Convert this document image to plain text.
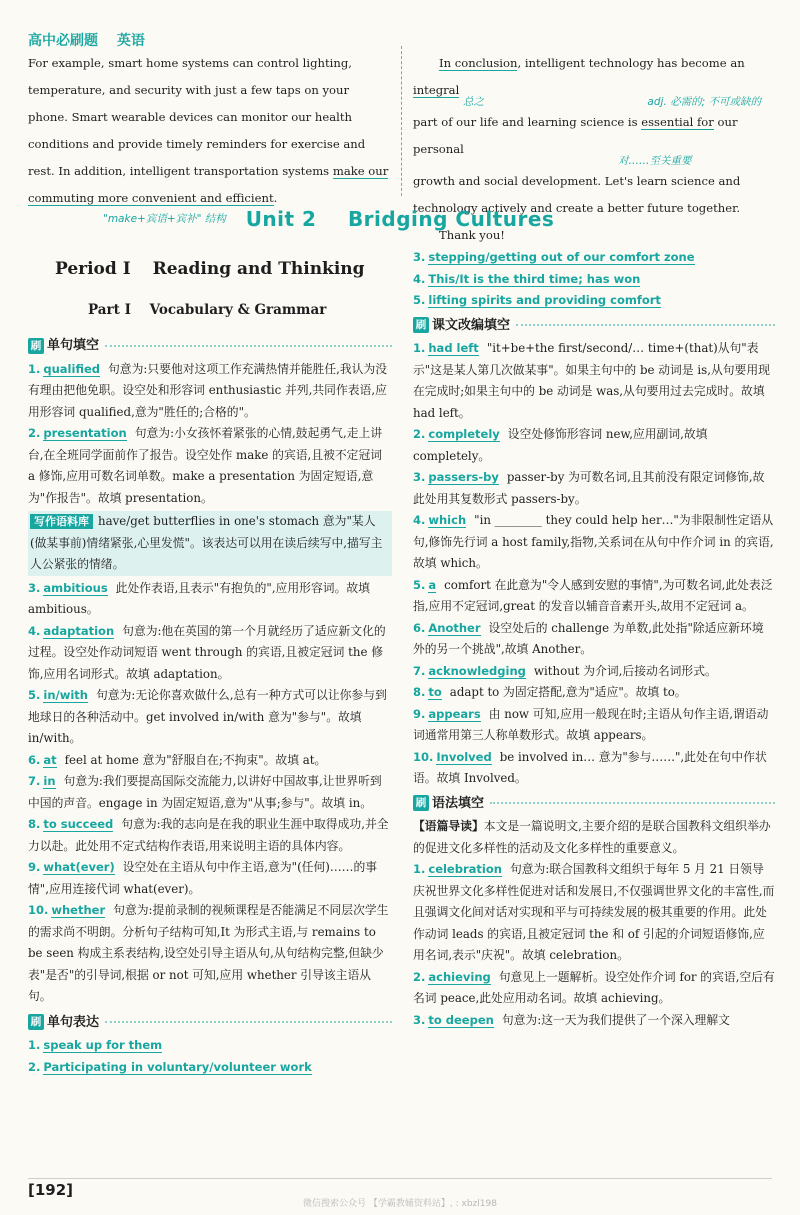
高中必刷题 英语

For example, smart home systems can control lighting, temperature, and security with just a few taps on your phone. Smart wearable devices can monitor our health conditions and provide timely reminders for exercise and rest. In addition, intelligent transportation systems make our commuting more convenient and efficient.

"make+宾语+宾补" 结构

In conclusion, intelligent technology has become an integral

总之	adj. 必需的; 不可或缺的

part of our life and learning science is essential for our personal

对……至关重要

growth and social development. Let's learn science and technology actively and create a better future together.

Thank you!

Unit 2 Bridging Cultures
Period Ⅰ Reading and Thinking
Part Ⅰ Vocabulary & Grammar
刷 单句填空

1. qualified 句意为:只要他对这项工作充满热情并能胜任,我认为没有理由把他免职。设空处和形容词 enthusiastic 并列,共同作表语,应用形容词 qualified,意为"胜任的;合格的"。

2. presentation 句意为:小女孩怀着紧张的心情,鼓起勇气,走上讲台,在全班同学面前作了报告。设空处作 make 的宾语,且被不定冠词 a 修饰,应用可数名词单数。make a presentation 为固定短语,意为"作报告"。故填 presentation。

写作语料库 have/get butterflies in one's stomach 意为"某人(做某事前)情绪紧张,心里发慌"。该表达可以用在读后续写中,描写主人公紧张的情绪。

3. ambitious 此处作表语,且表示"有抱负的",应用形容词。故填 ambitious。

4. adaptation 句意为:他在英国的第一个月就经历了适应新文化的过程。设空处作动词短语 went through 的宾语,且被定冠词 the 修饰,应用名词形式。故填 adaptation。

5. in/with 句意为:无论你喜欢做什么,总有一种方式可以让你参与到地球日的各种活动中。get involved in/with 意为"参与"。故填 in/with。

6. at feel at home 意为"舒服自在;不拘束"。故填 at。

7. in 句意为:我们要提高国际交流能力,以讲好中国故事,让世界听到中国的声音。engage in 为固定短语,意为"从事;参与"。故填 in。

8. to succeed 句意为:我的志向是在我的职业生涯中取得成功,并全力以赴。此处用不定式结构作表语,用来说明主语的具体内容。

9. what(ever) 设空处在主语从句中作主语,意为"(任何)……的事情",应用连接代词 what(ever)。

10. whether 句意为:提前录制的视频课程是否能满足不同层次学生的需求尚不明朗。分析句子结构可知,It 为形式主语,与 remains to be seen 构成主系表结构,设空处引导主语从句,从句结构完整,但缺少表"是否"的引导词,根据 or not 可知,应用 whether 引导该主语从句。

刷 单句表达

1. speak up for them

2. Participating in voluntary/volunteer work

3. stepping/getting out of our comfort zone

4. This/It is the third time; has won

5. lifting spirits and providing comfort

刷 课文改编填空

1. had left "it+be+the first/second/… time+(that)从句"表示"这是某人第几次做某事"。如果主句中的 be 动词是 is,从句要用现在完成时;如果主句中的 be 动词是 was,从句要用过去完成时。故填 had left。

2. completely 设空处修饰形容词 new,应用副词,故填 completely。

3. passers-by passer-by 为可数名词,且其前没有限定词修饰,故此处用其复数形式 passers-by。

4. which "in ________ they could help her…"为非限制性定语从句,修饰先行词 a host family,指物,关系词在从句中作介词 in 的宾语,故填 which。

5. a comfort 在此意为"令人感到安慰的事情",为可数名词,此处表泛指,应用不定冠词,great 的发音以辅音音素开头,故用不定冠词 a。

6. Another 设空处后的 challenge 为单数,此处指"除适应新环境外的另一个挑战",故填 Another。

7. acknowledging without 为介词,后接动名词形式。

8. to adapt to 为固定搭配,意为"适应"。故填 to。

9. appears 由 now 可知,应用一般现在时;主语从句作主语,谓语动词通常用第三人称单数形式。故填 appears。

10. Involved be involved in… 意为"参与……",此处在句中作状语。故填 Involved。

刷 语法填空

【语篇导读】本文是一篇说明文,主要介绍的是联合国教科文组织举办的促进文化多样性的活动及文化多样性的重要意义。

1. celebration 句意为:联合国教科文组织于每年 5 月 21 日领导庆祝世界文化多样性促进对话和发展日,不仅强调世界文化的丰富性,而且强调文化间对话对实现和平与可持续发展的极其重要的作用。此处作动词 leads 的宾语,且被定冠词 the 和 of 引起的介词短语修饰,应用名词,表示"庆祝"。故填 celebration。

2. achieving 句意见上一题解析。设空处作介词 for 的宾语,空后有名词 peace,此处应用动名词。故填 achieving。

3. to deepen 句意为:这一天为我们提供了一个深入理解文

[192]
微信搜索公众号 【学霸教辅资料站】, : xbzl198
